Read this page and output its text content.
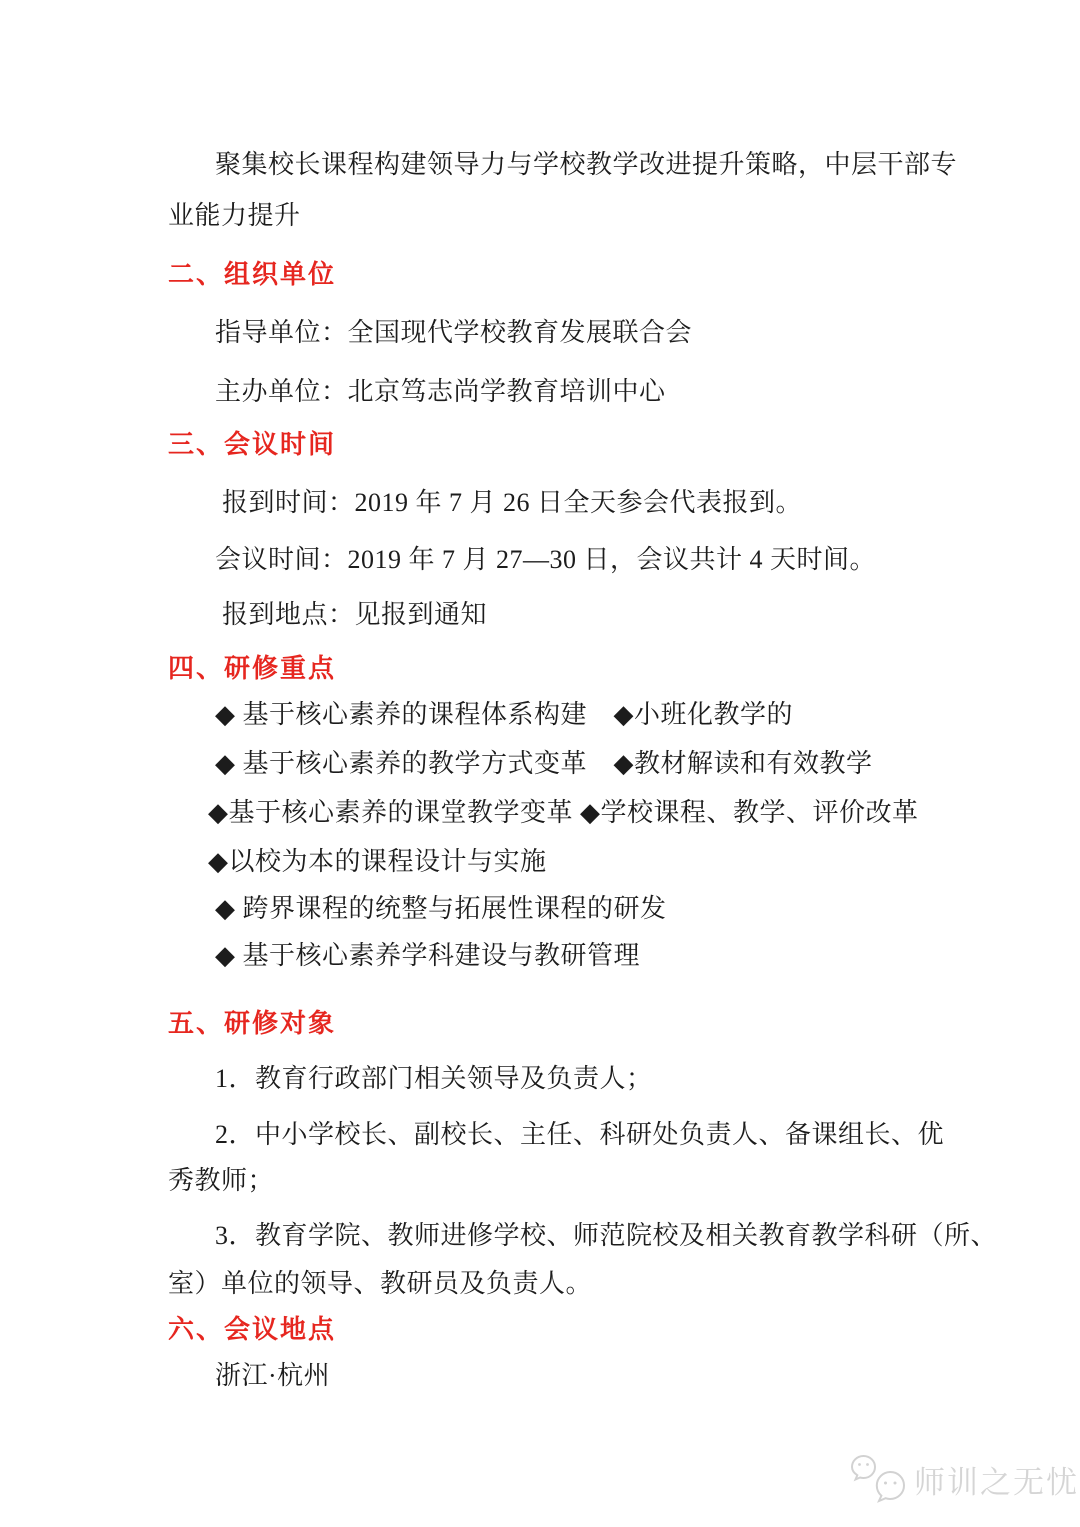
聚集校长课程构建领导力与学校教学改进提升策略，中层干部专
业能力提升
二、组织单位
指导单位：全国现代学校教育发展联合会
主办单位：北京笃志尚学教育培训中心
三、会议时间
报到时间：2019 年 7 月 26 日全天参会代表报到。
会议时间：2019 年 7 月 27—30 日，会议共计 4 天时间。
报到地点：见报到通知
四、研修重点
◆ 基于核心素养的课程体系构建　◆小班化教学的
◆ 基于核心素养的教学方式变革　◆教材解读和有效教学
◆基于核心素养的课堂教学变革 ◆学校课程、教学、评价改革
◆以校为本的课程设计与实施
◆ 跨界课程的统整与拓展性课程的研发
◆ 基于核心素养学科建设与教研管理
五、研修对象
1．教育行政部门相关领导及负责人；
2．中小学校长、副校长、主任、科研处负责人、备课组长、优
秀教师；
3．教育学院、教师进修学校、师范院校及相关教育教学科研（所、
室）单位的领导、教研员及负责人。
六、会议地点
浙江·杭州
师训之无忧
